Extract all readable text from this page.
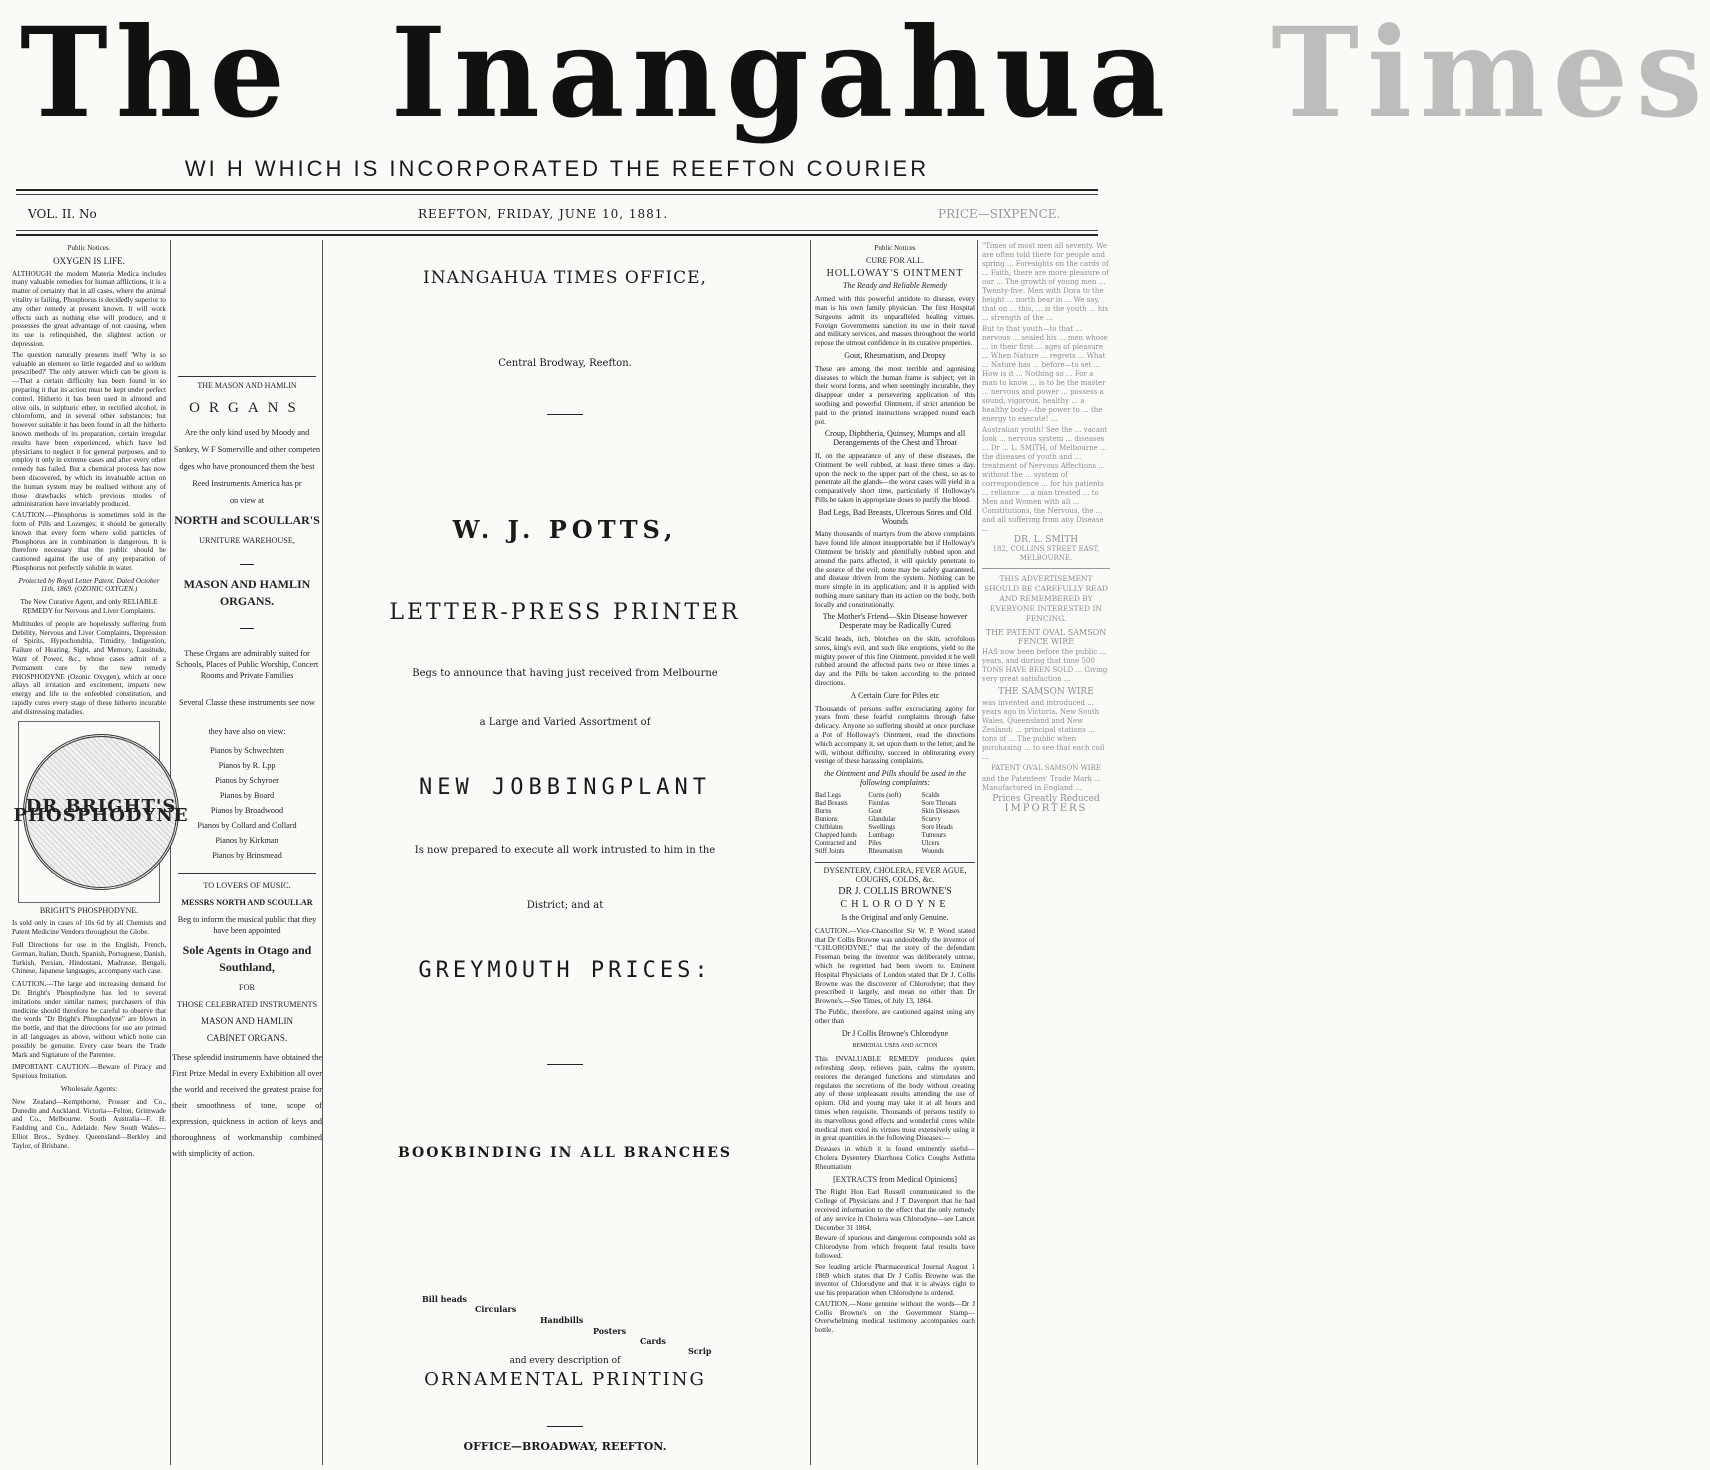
The Inangahua Times
WI H WHICH IS INCORPORATED THE REEFTON COURIER
VOL. II. No	REEFTON, FRIDAY, JUNE 10, 1881.	PRICE—SIXPENCE.
Public Notices.
OXYGEN IS LIFE.

ALTHOUGH the modern Materia Medica includes many valuable remedies for human afflictions, it is a matter of certainty that in all cases, where the animal vitality is failing, Phosphorus is decidedly superior to any other remedy at present known. It will work effects such as nothing else will produce, and it possesses the great advantage of not causing, when its use is relinquished, the slightest action or depression.

The question naturally presents itself 'Why is so valuable an element so little regarded and so seldom prescribed?' The only answer which can be given is—That a certain difficulty has been found in so preparing it that its action must be kept under perfect control. Hitherto it has been used in almond and olive oils, in sulphuric ether, in rectified alcohol, in chloroform, and in several other substances; but however suitable it has been found in all the hitherto known methods of its preparation, certain irregular results have been experienced, which have led physicians to neglect it for general purposes, and to employ it only in extreme cases and after every other remedy has failed. But a chemical process has now been discovered, by which its invaluable action on the human system may be realised without any of those drawbacks which previous modes of administration have invariably produced.

CAUTION.—Phosphorus is sometimes sold in the form of Pills and Lozenges; it should be generally known that every form where solid particles of Phosphorus are in combination is dangerous. It is therefore necessary that the public should be cautioned against the use of any preparation of Phosphorus not perfectly soluble in water.

Protected by Royal Letter Patent. Dated October 11th, 1869. (OZONIC OXYGEN.)

The New Curative Agent, and only RELIABLE REMEDY for Nervous and Liver Complaints.

Multitudes of people are hopelessly suffering from Debility, Nervous and Liver Complaints, Depression of Spirits, Hypochondria, Timidity, Indigestion, Failure of Hearing, Sight, and Memory, Lassitude, Want of Power, &c., whose cases admit of a Permanent cure by the new remedy PHOSPHODYNE (Ozonic Oxygen), which at once allays all irritation and excitement, imparts new energy and life to the enfeebled constitution, and rapidly cures every stage of these hitherto incurable and distressing maladies.

DR BRIGHT'S PHOSPHODYNE
BRIGHT'S PHOSPHODYNE.

Is sold only in cases of 10s 6d by all Chemists and Patent Medicine Vendors throughout the Globe.

Full Directions for use in the English, French, German, Italian, Dutch, Spanish, Portuguese, Danish, Turkish, Persian, Hindostani, Madrasse, Bengali, Chinese, Japanese languages, accompany each case.

CAUTION.—The large and increasing demand for Dr. Bright's Phosphodyne has led to several imitations under similar names; purchasers of this medicine should therefore be careful to observe that the words "Dr Bright's Phosphodyne" are blown in the bottle, and that the directions for use are printed in all languages as above, without which none can possibly be genuine. Every case bears the Trade Mark and Signature of the Patentee.

IMPORTANT CAUTION.—Beware of Piracy and Spurious Imitation.

Wholesale Agents:

New Zealand—Kempthorne, Prosser and Co., Dunedin and Auckland. Victoria—Felton, Grimwade and Co., Melbourne. South Australia—F. H. Faulding and Co., Adelaide. New South Wales—Elliot Bros., Sydney. Queensland—Berkley and Taylor, of Brisbane.

THE MASON AND HAMLIN
ORGANS
Are the only kind used by Moody and
Sankey, W F Somerville and other competen
dges who have pronounced them the best
Reed Instruments America has pr
on view at
NORTH and SCOULLAR'S
URNITURE WAREHOUSE,
MASON AND HAMLIN ORGANS.
These Organs are admirably suited for Schools, Places of Public Worship, Concert Rooms and Private Families
Several Classe these instruments see now
they have also on view:
Pianos by Schwechten
Pianos by R. Lpp
Pianos by Schyroer
Pianos by Board
Pianos by Broadwood
Pianos by Collard and Collard
Pianos by Kirkman
Pianos by Brinsmead
TO LOVERS OF MUSIC.
MESSRS NORTH AND SCOULLAR
Beg to inform the musical public that they have been appointed
Sole Agents in Otago and Southland,
FOR
THOSE CELEBRATED INSTRUMENTS
MASON AND HAMLIN
CABINET ORGANS.
These splendid instruments have obtained the First Prize Medal in every Exhibition all over the world and received the greatest praise for their smoothness of tone, scope of expression, quickness in action of keys and thoroughness of workmanship combined with simplicity of action.
INANGAHUA TIMES OFFICE,
Central Brodway, Reefton.
W. J. POTTS,
LETTER-PRESS PRINTER
Begs to announce that having just received from Melbourne
a Large and Varied Assortment of
NEW JOBBINGPLANT
Is now prepared to execute all work intrusted to him in the
District; and at
GREYMOUTH PRICES:
BOOKBINDING IN ALL BRANCHES
Bill heads
Circulars
Handbills
Posters
Cards
Scrip
and every description of
ORNAMENTAL PRINTING
OFFICE—BROADWAY, REEFTON.
Public Notices
CURE FOR ALL.
HOLLOWAY'S OINTMENT
The Ready and Reliable Remedy

Armed with this powerful antidote to disease, every man is his own family physician. The first Hospital Surgeons admit its unparalleled healing virtues. Foreign Governments sanction its use in their naval and military services, and masses throughout the world repose the utmost confidence in its curative properties.

Gout, Rheumatism, and Dropsy

These are among the most terrible and agonising diseases to which the human frame is subject; yet in their worst forms, and when seemingly incurable, they disappear under a persevering application of this soothing and powerful Ointment, if strict attention be paid to the printed instructions wrapped round each pot.

Croup, Diphtheria, Quinsey, Mumps and all Derangements of the Chest and Throat

If, on the appearance of any of these diseases, the Ointment be well rubbed, at least three times a day, upon the neck to the upper part of the chest, so as to penetrate all the glands—the worst cases will yield in a comparatively short time, particularly if Holloway's Pills be taken in appropriate doses to purify the blood.

Bad Legs, Bad Breasts, Ulcerous Sores and Old Wounds

Many thousands of martyrs from the above complaints have found life almost insupportable but if Holloway's Ointment be briskly and plentifully rubbed upon and around the parts affected, it will quickly penetrate to the source of the evil; none may be safely guaranteed, and disease driven from the system. Nothing can be more simple in its application; and it is applied with nothing more sanitary than its action on the body, both locally and constitutionally.

The Mother's Friend—Skin Disease however Desperate may be Radically Cured

Scald heads, itch, blotches on the skin, scrofulous sores, king's evil, and such like eruptions, yield to the mighty power of this fine Ointment, provided it be well rubbed around the affected parts two or three times a day and the Pills be taken according to the printed directions.

A Certain Cure for Piles etc

Thousands of persons suffer excruciating agony for years from these fearful complaints through false delicacy. Anyone so suffering should at once purchase a Pot of Holloway's Ointment, read the directions which accompany it, set upon them to the letter, and he will, without difficulty, succeed in obliterating every vestige of these harassing complaints.

the Ointment and Pills should be used in the following complaints:
Bad Legs	Corns (soft)	Scalds
Bad Breasts	Fistulas	Sore Throats
Burns	Gout	Skin Diseases
Bunions	Glandular	Scurvy
Chilblains	Swellings	Sore Heads
Chapped hands	Lumbago	Tumours
Contracted and	Piles	Ulcers
Stiff Joints	Rheumatism	Wounds
DYSENTERY, CHOLERA, FEVER AGUE, COUGHS, COLDS, &c.
DR J. COLLIS BROWNE'S
CHLORODYNE
Is the Original and only Genuine.

CAUTION.—Vice-Chancellor Sir W. P. Wood stated that Dr Collis Browne was undoubtedly the inventor of "CHLORODYNE;" that the story of the defendant Freeman being the inventor was deliberately untrue, which he regretted had been sworn to. Eminent Hospital Physicians of London stated that Dr J. Collis Browne was the discoverer of Chlorodyne; that they prescribed it largely, and mean no other than Dr Browne's.—See Times, of July 13, 1864.

The Public, therefore, are cautioned against using any other than

Dr J Collis Browne's Chlorodyne
REMEDIAL USES AND ACTION

This INVALUABLE REMEDY produces quiet refreshing sleep, relieves pain, calms the system, restores the deranged functions and stimulates and regulates the secretions of the body without creating any of those unpleasant results attending the use of opium. Old and young may take it at all hours and times when requisite. Thousands of persons testify to its marvellous good effects and wonderful cures while medical men extol its virtues most extensively using it in great quantities in the following Diseases:—

Diseases in which it is found eminently useful—Cholera Dysentery Diarrhoea Colics Coughs Asthma Rheumatism

[EXTRACTS from Medical Opinions]

The Right Hon Earl Russell communicated to the College of Physicians and J T Davenport that he had received information to the effect that the only remedy of any service in Cholera was Chlorodyne—see Lancet December 31 1864.

Beware of spurious and dangerous compounds sold as Chlorodyne from which frequent fatal results have followed.

See leading article Pharmaceutical Journal August 1 1869 which states that Dr J Collis Browne was the inventor of Chlorodyne and that it is always right to use his preparation when Chlorodyne is ordered.

CAUTION.—None genuine without the words—Dr J Collis Browne's on the Government Stamp—Overwhelming medical testimony accompanies each bottle.

"Times of most men all seventy. We are often told there for people and spring ... Foresights on the cards of ... Faith, there are more pleasure of our ... The growth of young men ... Twenty-five. Men with Dora to the height ... north bear in ... We say, that on ... this, ... is the youth ... his ... strength of the ...

But to that youth—to that ... nervous ... sealed his ... men whose ... in their first ... ages of pleasure ... When Nature ... regrets ... What ... Nature has ... before—to set ... How is it ... Nothing so ... For a man to know ... is to be the master ... nervous and power ... possess a sound, vigorous, healthy ... a healthy body—the power to ... the energy to execute! ...

Australian youth! See the ... vacant look ... nervous system ... diseases ... Dr ... L. SMITH, of Melbourne ... the diseases of youth and ... treatment of Nervous Affections ... without the ... system of correspondence ... for his patients ... reliance ... a man treated ... to Men and Women with all ... Constitutions, the Nervous, the ... and all suffering from any Disease ...

DR. L. SMITH
182, COLLINS STREET EAST, MELBOURNE.
THIS ADVERTISEMENT SHOULD BE CAREFULLY READ AND REMEMBERED BY EVERYONE INTERESTED IN FENCING.
THE PATENT OVAL SAMSON FENCE WIRE

HAS now been before the public ... years, and during that time 500 TONS HAVE BEEN SOLD ... Giving very great satisfaction ...

THE SAMSON WIRE

was invented and introduced ... years ago in Victoria, New South Wales, Queensland and New Zealand; ... principal stations ... tons of ... The public when purchasing ... to see that each coil ...

PATENT OVAL SAMSON WIRE

and the Patentees' Trade Mark ... Manufactured in England ...

Prices Greatly Reduced
IMPORTERS
